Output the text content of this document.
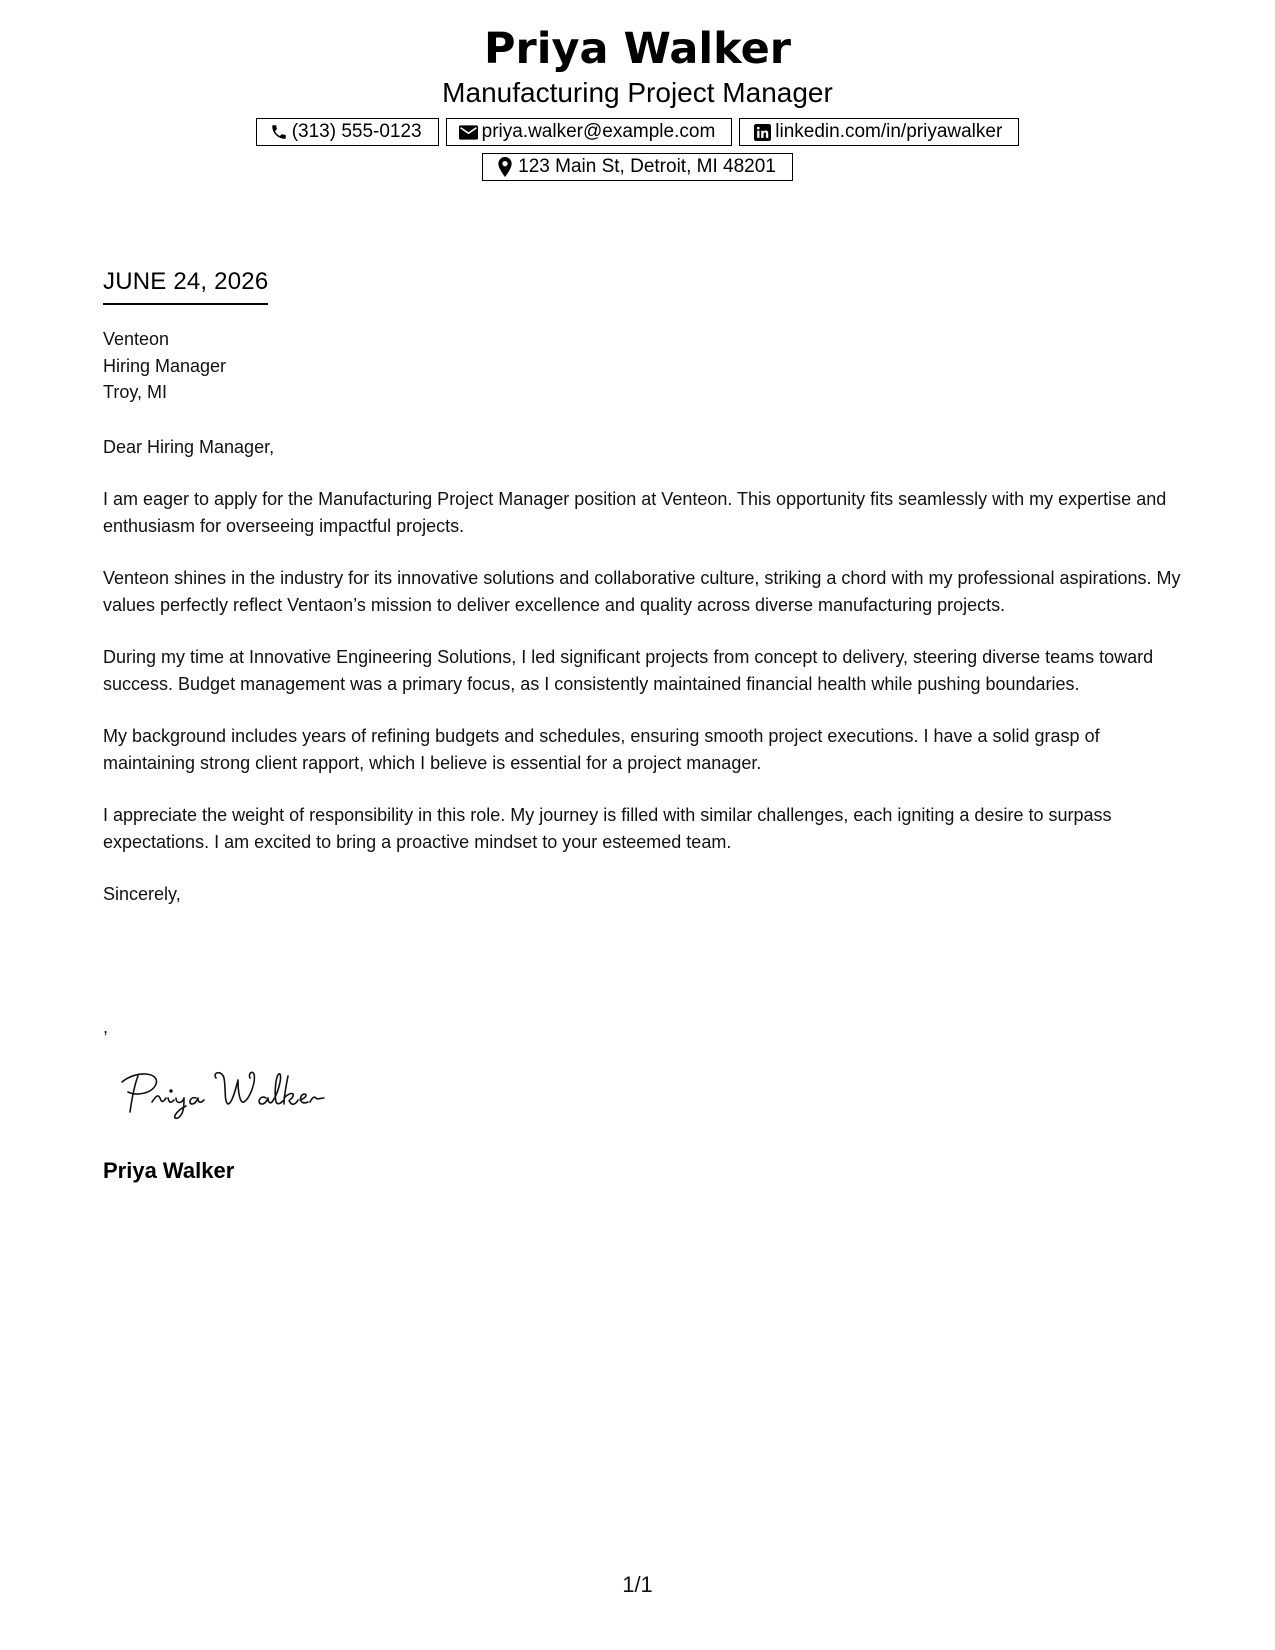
Priya Walker
Manufacturing Project Manager
(313) 555-0123	priya.walker@example.com	linkedin.com/in/priyawalker
123 Main St, Detroit, MI 48201
JUNE 24, 2026
Venteon
Hiring Manager
Troy, MI

Dear Hiring Manager,

I am eager to apply for the Manufacturing Project Manager position at Venteon. This opportunity fits seamlessly with my expertise and enthusiasm for overseeing impactful projects.

Venteon shines in the industry for its innovative solutions and collaborative culture, striking a chord with my professional aspirations. My values perfectly reflect Ventaon’s mission to deliver excellence and quality across diverse manufacturing projects.

During my time at Innovative Engineering Solutions, I led significant projects from concept to delivery, steering diverse teams toward success. Budget management was a primary focus, as I consistently maintained financial health while pushing boundaries.

My background includes years of refining budgets and schedules, ensuring smooth project executions. I have a solid grasp of maintaining strong client rapport, which I believe is essential for a project manager.

I appreciate the weight of responsibility in this role. My journey is filled with similar challenges, each igniting a desire to surpass expectations. I am excited to bring a proactive mindset to your esteemed team.

Sincerely,
,
Priya Walker
1/1
